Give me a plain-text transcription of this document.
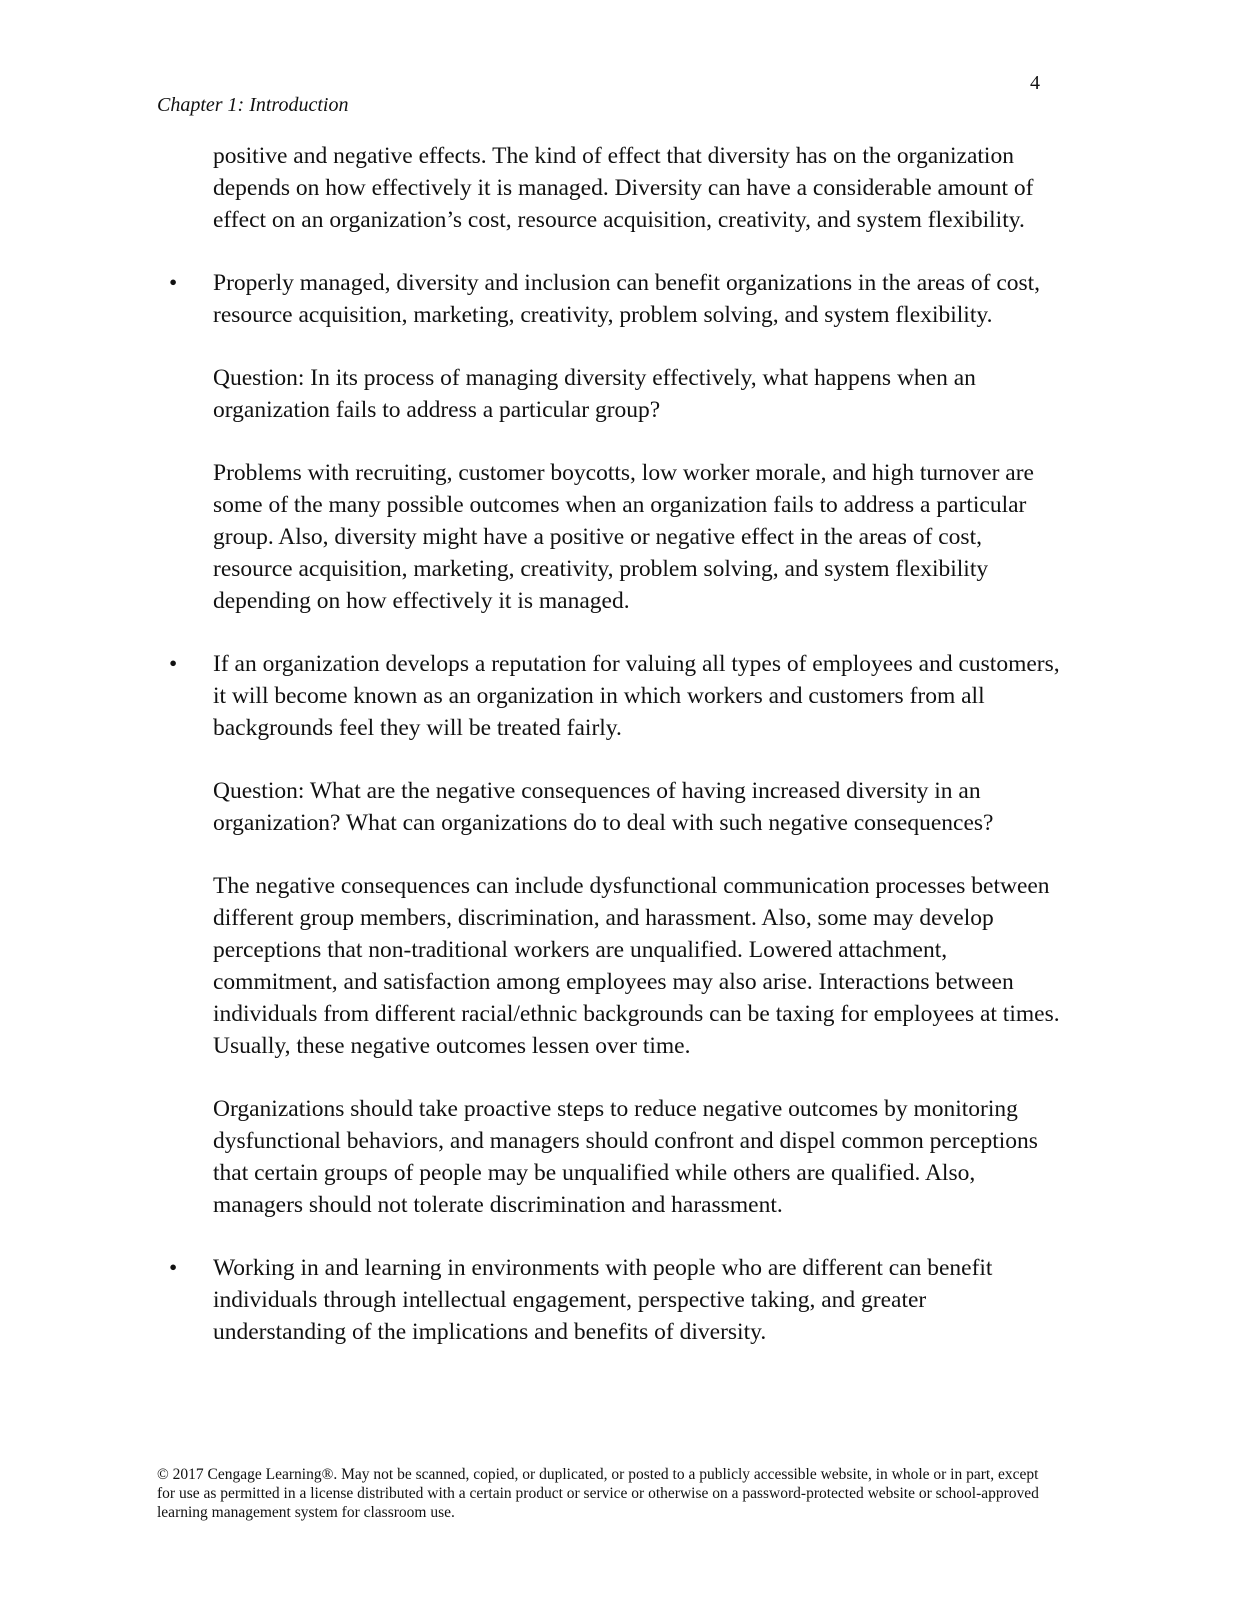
4
Chapter 1: Introduction

positive and negative effects. The kind of effect that diversity has on the organization depends on how effectively it is managed. Diversity can have a considerable amount of effect on an organization’s cost, resource acquisition, creativity, and system flexibility.

• Properly managed, diversity and inclusion can benefit organizations in the areas of cost, resource acquisition, marketing, creativity, problem solving, and system flexibility.

Question: In its process of managing diversity effectively, what happens when an organization fails to address a particular group?

Problems with recruiting, customer boycotts, low worker morale, and high turnover are some of the many possible outcomes when an organization fails to address a particular group. Also, diversity might have a positive or negative effect in the areas of cost, resource acquisition, marketing, creativity, problem solving, and system flexibility depending on how effectively it is managed.

• If an organization develops a reputation for valuing all types of employees and customers, it will become known as an organization in which workers and customers from all backgrounds feel they will be treated fairly.

Question: What are the negative consequences of having increased diversity in an organization? What can organizations do to deal with such negative consequences?

The negative consequences can include dysfunctional communication processes between different group members, discrimination, and harassment. Also, some may develop perceptions that non-traditional workers are unqualified. Lowered attachment, commitment, and satisfaction among employees may also arise. Interactions between individuals from different racial/ethnic backgrounds can be taxing for employees at times. Usually, these negative outcomes lessen over time.

Organizations should take proactive steps to reduce negative outcomes by monitoring dysfunctional behaviors, and managers should confront and dispel common perceptions that certain groups of people may be unqualified while others are qualified. Also, managers should not tolerate discrimination and harassment.

• Working in and learning in environments with people who are different can benefit individuals through intellectual engagement, perspective taking, and greater understanding of the implications and benefits of diversity.
© 2017 Cengage Learning®. May not be scanned, copied, or duplicated, or posted to a publicly accessible website, in whole or in part, except for use as permitted in a license distributed with a certain product or service or otherwise on a password-protected website or school-approved learning management system for classroom use.
